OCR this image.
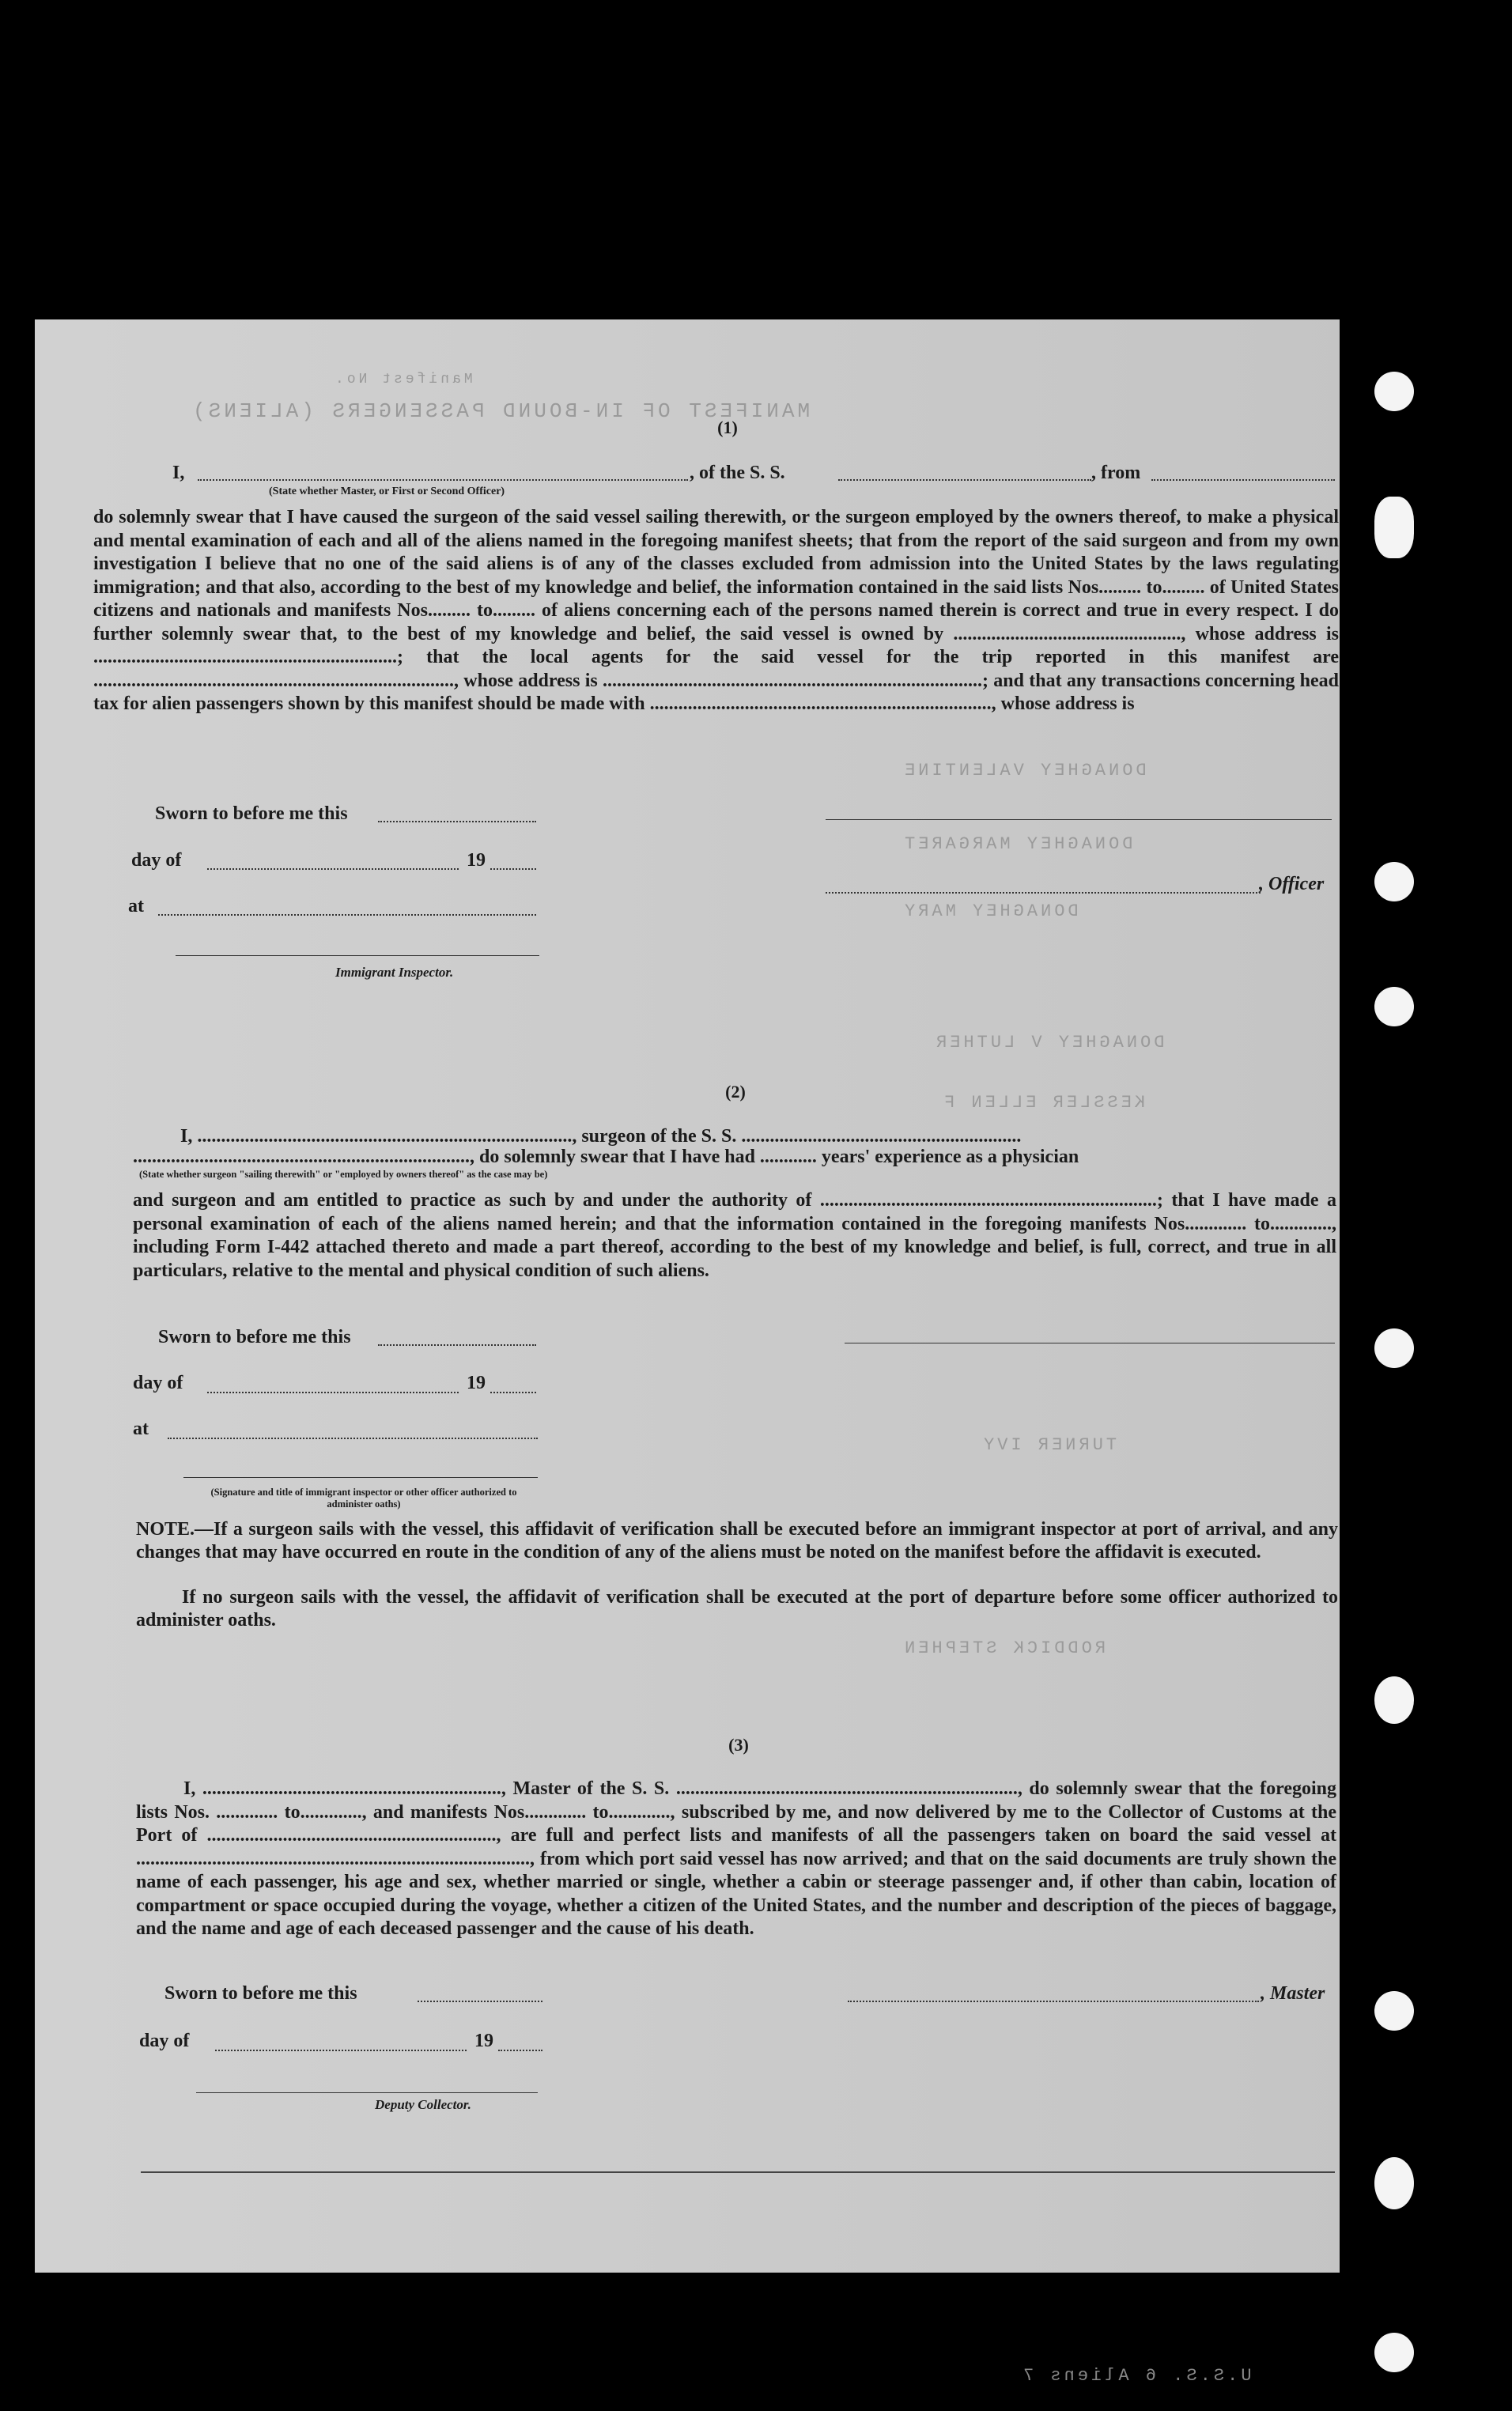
MANIFEST OF IN-BOUND PASSENGERS (ALIENS)
Manifest No.
DONAGHEY VALENTINE
DONAGHEY MARGARET
DONAGHEY MARY
DONAGHEY V LUTHER
KESSLER ELLEN F
TURNER IVY
RODDICK STEPHEN
U.S.S. 6 Aliens 7
(1)
I,	, of the S. S.	, from
(State whether Master, or First or Second Officer)
do solemnly swear that I have caused the surgeon of the said vessel sailing therewith, or the surgeon employed by the owners thereof, to make a physical and mental examination of each and all of the aliens named in the foregoing manifest sheets; that from the report of the said surgeon and from my own investigation I believe that no one of the said aliens is of any of the classes excluded from admission into the United States by the laws regulating immigration; and that also, according to the best of my knowledge and belief, the information contained in the said lists Nos......... to......... of United States citizens and nationals and manifests Nos......... to......... of aliens concerning each of the persons named therein is correct and true in every respect. I do further solemnly swear that, to the best of my knowledge and belief, the said vessel is owned by ................................................, whose address is ................................................................; that the local agents for the said vessel for the trip reported in this manifest are ............................................................................, whose address is ................................................................................; and that any transactions concerning head tax for alien passengers shown by this manifest should be made with ........................................................................, whose address is
Sworn to before me this
day of	19
at
, Officer
Immigrant Inspector.
(2)
I, ..............................................................................., surgeon of the S. S. ...........................................................
......................................................................., do solemnly swear that I have had ............ years' experience as a physician
(State whether surgeon "sailing therewith" or "employed by owners thereof" as the case may be)
and surgeon and am entitled to practice as such by and under the authority of .......................................................................; that I have made a personal examination of each of the aliens named herein; and that the information contained in the foregoing manifests Nos............. to............., including Form I-442 attached thereto and made a part thereof, according to the best of my knowledge and belief, is full, correct, and true in all particulars, relative to the mental and physical condition of such aliens.
Sworn to before me this
day of	19
at
(Signature and title of immigrant inspector or other officer authorized to administer oaths)
NOTE.—If a surgeon sails with the vessel, this affidavit of verification shall be executed before an immigrant inspector at port of arrival, and any changes that may have occurred en route in the condition of any of the aliens must be noted on the manifest before the affidavit is executed.
If no surgeon sails with the vessel, the affidavit of verification shall be executed at the port of departure before some officer authorized to administer oaths.
(3)
I, ..............................................................., Master of the S. S. ........................................................................, do solemnly swear that the foregoing lists Nos. ............. to............., and manifests Nos............. to............., subscribed by me, and now delivered by me to the Collector of Customs at the Port of ............................................................., are full and perfect lists and manifests of all the passengers taken on board the said vessel at ..................................................................................., from which port said vessel has now arrived; and that on the said documents are truly shown the name of each passenger, his age and sex, whether married or single, whether a cabin or steerage passenger and, if other than cabin, location of compartment or space occupied during the voyage, whether a citizen of the United States, and the number and description of the pieces of baggage, and the name and age of each deceased passenger and the cause of his death.
Sworn to before me this	, Master
day of	19
Deputy Collector.
